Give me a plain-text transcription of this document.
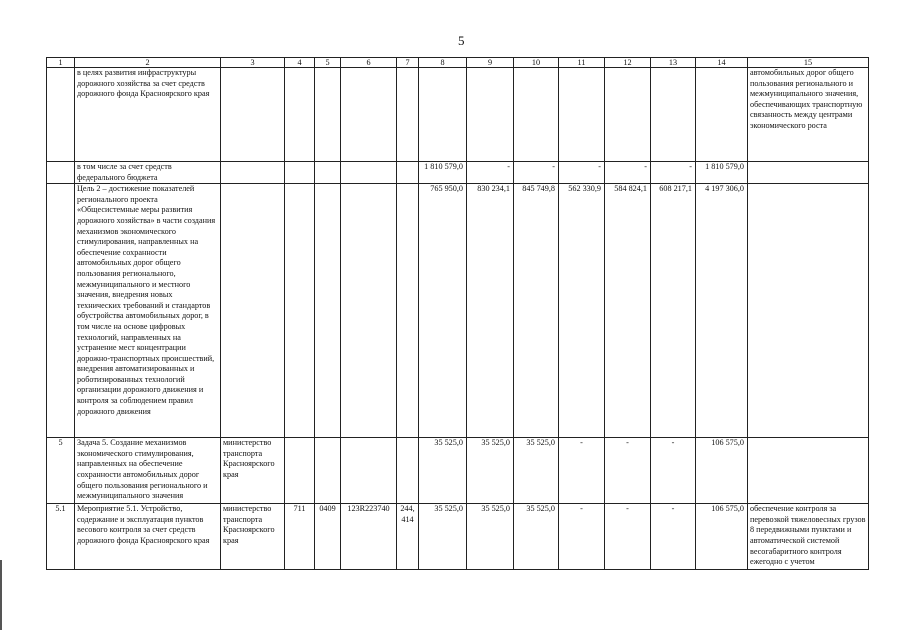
5
1	2	3	4	5	6	7	8	9	10	11	12	13	14	15
	в целях развития инфраструктуры дорожного хозяйства за счет средств дорожного фонда Красноярского края													автомобильных дорог общего пользования регионального и межмуниципального значения, обеспечивающих транспортную связанность между центрами экономического роста
	в том числе за счет средств федерального бюджета						1 810 579,0	-	-	-	-	-	1 810 579,0	
	Цель 2 – достижение показателей регионального проекта «Общесистемные меры развития дорожного хозяйства» в части создания механизмов экономического стимулирования, направленных на обеспечение сохранности автомобильных дорог общего пользования регионального, межмуниципального и местного значения, внедрения новых технических требований и стандартов обустройства автомобильных дорог, в том числе на основе цифровых технологий, направленных на устранение мест концентрации дорожно-транспортных происшествий, внедрения автоматизированных и роботизированных технологий организации дорожного движения и контроля за соблюдением правил дорожного движения						765 950,0	830 234,1	845 749,8	562 330,9	584 824,1	608 217,1	4 197 306,0	
5	Задача 5. Создание механизмов экономического стимулирования, направленных на обеспечение сохранности автомобильных дорог общего пользования регионального и межмуниципального значения	министерство транспорта Красноярского края					35 525,0	35 525,0	35 525,0	-	-	-	106 575,0	
5.1	Мероприятие 5.1. Устройство, содержание и эксплуатация пунктов весового контроля за счет средств дорожного фонда Красноярского края	министерство транспорта Красноярского края	711	0409	123R223740	244, 414	35 525,0	35 525,0	35 525,0	-	-	-	106 575,0	обеспечение контроля за перевозкой тяжеловесных грузов 8 передвижными пунктами и автоматической системой весогабаритного контроля ежегодно с учетом
